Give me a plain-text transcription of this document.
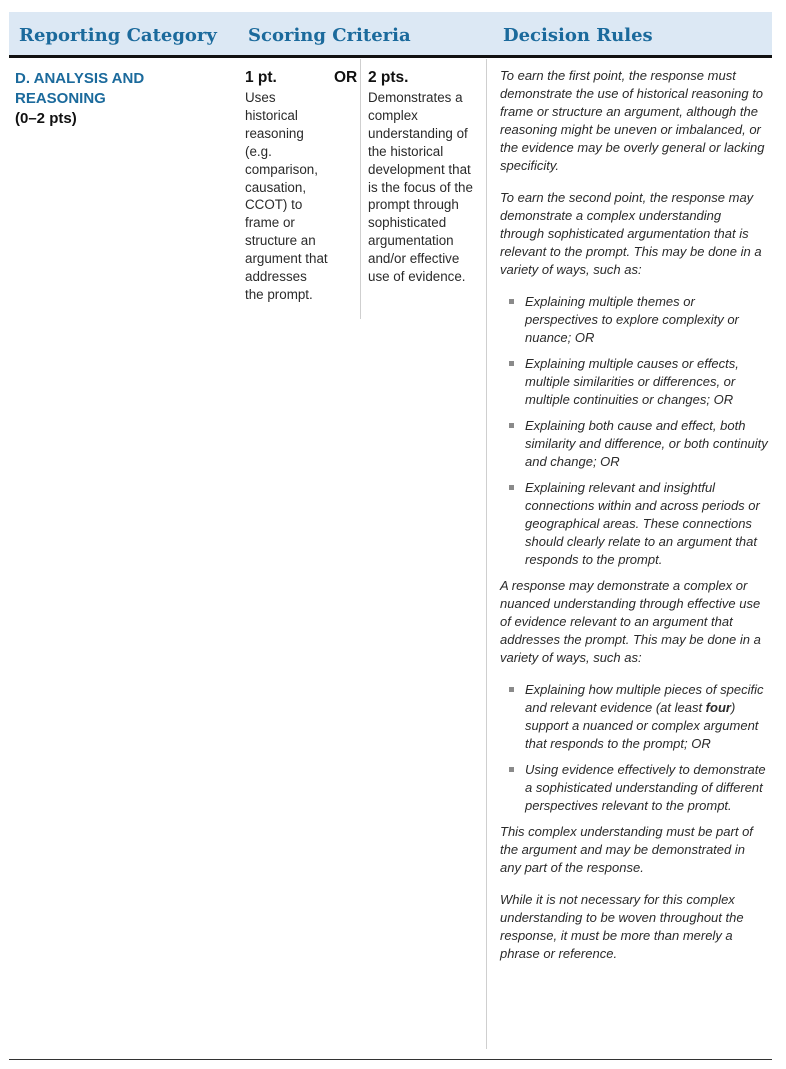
Reporting Category Scoring Criteria	Decision Rules
D. ANALYSIS AND REASONING
(0–2 pts)
1 pt.	OR 2 pts.
Uses historical reasoning (e.g. comparison, causation, CCOT) to frame or structure an argument that addresses the prompt.
Demonstrates a complex understanding of the historical development that is the focus of the prompt through sophisticated argumentation and/or effective use of evidence.

To earn the first point, the response must demonstrate the use of historical reasoning to frame or structure an argument, although the reasoning might be uneven or imbalanced, or the evidence may be overly general or lacking specificity.

To earn the second point, the response may demonstrate a complex understanding through sophisticated argumentation that is relevant to the prompt. This may be done in a variety of ways, such as:

Explaining multiple themes or perspectives to explore complexity or nuance; OR
Explaining multiple causes or effects, multiple similarities or differences, or multiple continuities or changes; OR
Explaining both cause and effect, both similarity and difference, or both continuity and change; OR
Explaining relevant and insightful connections within and across periods or geographical areas. These connections should clearly relate to an argument that responds to the prompt.

A response may demonstrate a complex or nuanced understanding through effective use of evidence relevant to an argument that addresses the prompt. This may be done in a variety of ways, such as:

Explaining how multiple pieces of specific and relevant evidence (at least four) support a nuanced or complex argument that responds to the prompt; OR
Using evidence effectively to demonstrate a sophisticated understanding of different perspectives relevant to the prompt.

This complex understanding must be part of the argument and may be demonstrated in any part of the response.

While it is not necessary for this complex understanding to be woven throughout the response, it must be more than merely a phrase or reference.
